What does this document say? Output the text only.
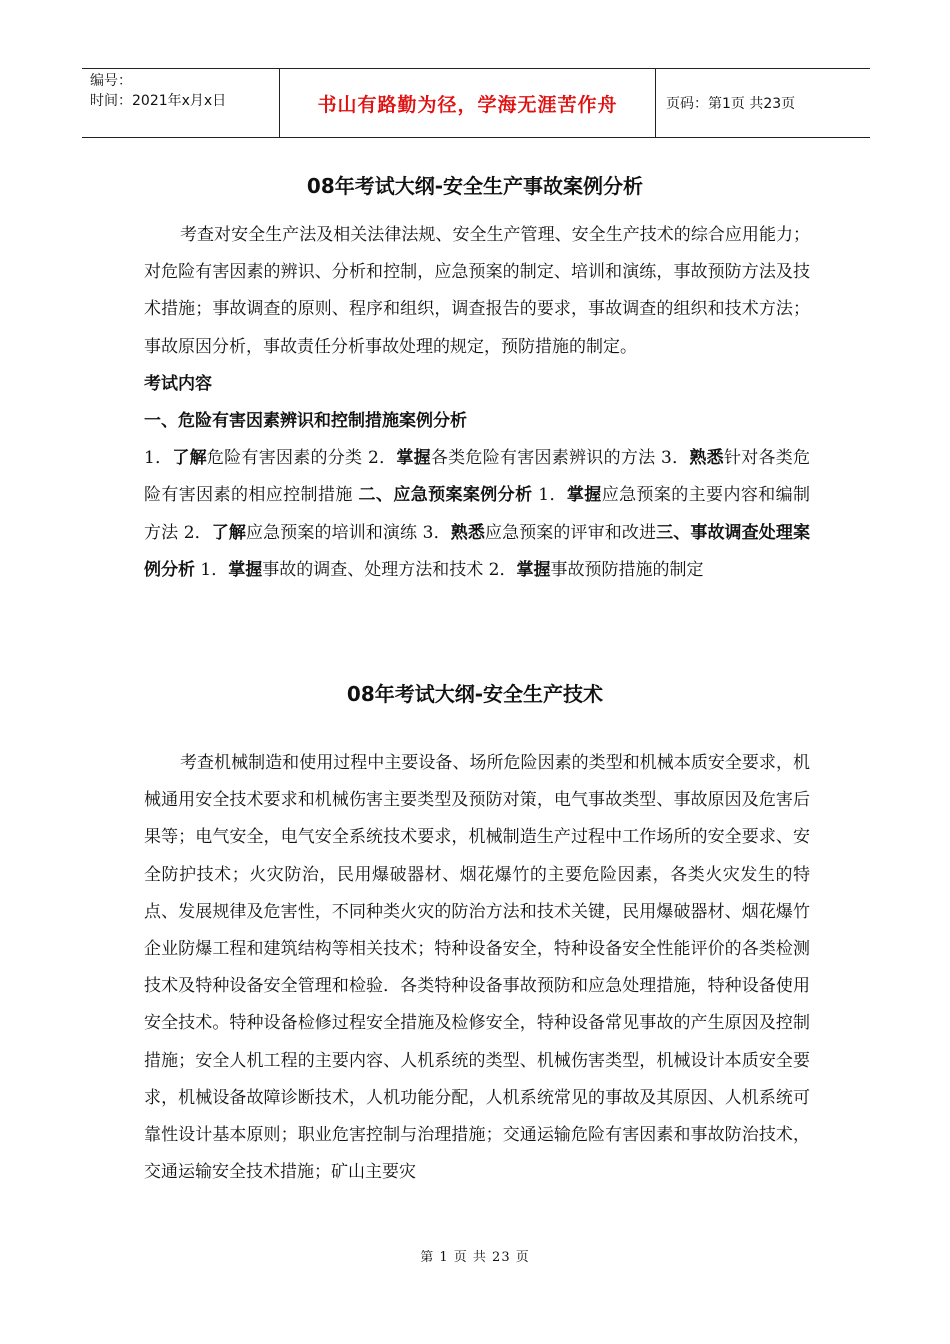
编号：
时间：2021年x月x日	书山有路勤为径，学海无涯苦作舟	页码：第1页 共23页
08年考试大纲-安全生产事故案例分析

考查对安全生产法及相关法律法规、安全生产管理、安全生产技术的综合应用能力；对危险有害因素的辨识、分析和控制，应急预案的制定、培训和演练，事故预防方法及技术措施；事故调查的原则、程序和组织，调查报告的要求，事故调查的组织和技术方法；事故原因分析，事故责任分析事故处理的规定，预防措施的制定。

考试内容

一、危险有害因素辨识和控制措施案例分析

1．了解危险有害因素的分类 2．掌握各类危险有害因素辨识的方法 3．熟悉针对各类危险有害因素的相应控制措施 二、应急预案案例分析 1．掌握应急预案的主要内容和编制方法 2．了解应急预案的培训和演练 3．熟悉应急预案的评审和改进三、事故调查处理案例分析 1．掌握事故的调查、处理方法和技术 2．掌握事故预防措施的制定

08年考试大纲-安全生产技术

考查机械制造和使用过程中主要设备、场所危险因素的类型和机械本质安全要求，机械通用安全技术要求和机械伤害主要类型及预防对策，电气事故类型、事故原因及危害后果等；电气安全，电气安全系统技术要求，机械制造生产过程中工作场所的安全要求、安全防护技术；火灾防治，民用爆破器材、烟花爆竹的主要危险因素，各类火灾发生的特点、发展规律及危害性，不同种类火灾的防治方法和技术关键，民用爆破器材、烟花爆竹企业防爆工程和建筑结构等相关技术；特种设备安全，特种设备安全性能评价的各类检测技术及特种设备安全管理和检验．各类特种设备事故预防和应急处理措施，特种设备使用安全技术。特种设备检修过程安全措施及检修安全，特种设备常见事故的产生原因及控制措施；安全人机工程的主要内容、人机系统的类型、机械伤害类型，机械设计本质安全要求，机械设备故障诊断技术，人机功能分配，人机系统常见的事故及其原因、人机系统可靠性设计基本原则；职业危害控制与治理措施；交通运输危险有害因素和事故防治技术，交通运输安全技术措施；矿山主要灾

第 1 页 共 23 页
